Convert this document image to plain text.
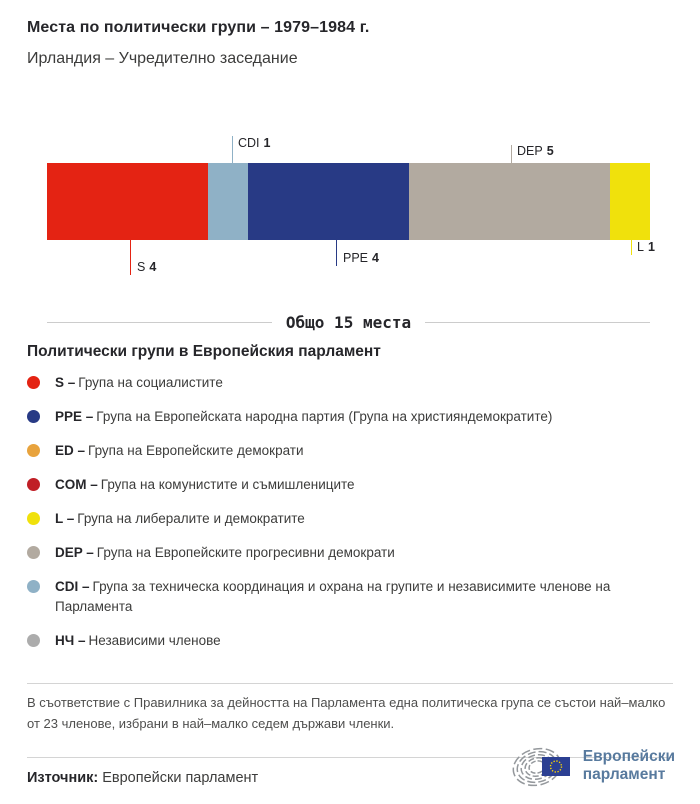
Места по политически групи – 1979–1984 г.
Ирландия – Учредително заседание
CDI 1
DEP 5
S 4
PPE 4
L 1
Общо 15 места
Политически групи в Европейския парламент
S – Група на социалистите
PPE – Група на Европейската народна партия (Група на християндемократите)
ED – Група на Европейските демократи
COM – Група на комунистите и съмишлениците
L – Група на либералите и демократите
DEP – Група на Европейските прогресивни демократи
CDI – Група за техническа координация и охрана на групите и независимите членове на Парламента
НЧ – Независими членове
В съответствие с Правилника за дейността на Парламента една политическа група се състои най–малко от 23 членове, избрани в най–малко седем държави членки.
Източник: Европейски парламент
Европейски
парламент
